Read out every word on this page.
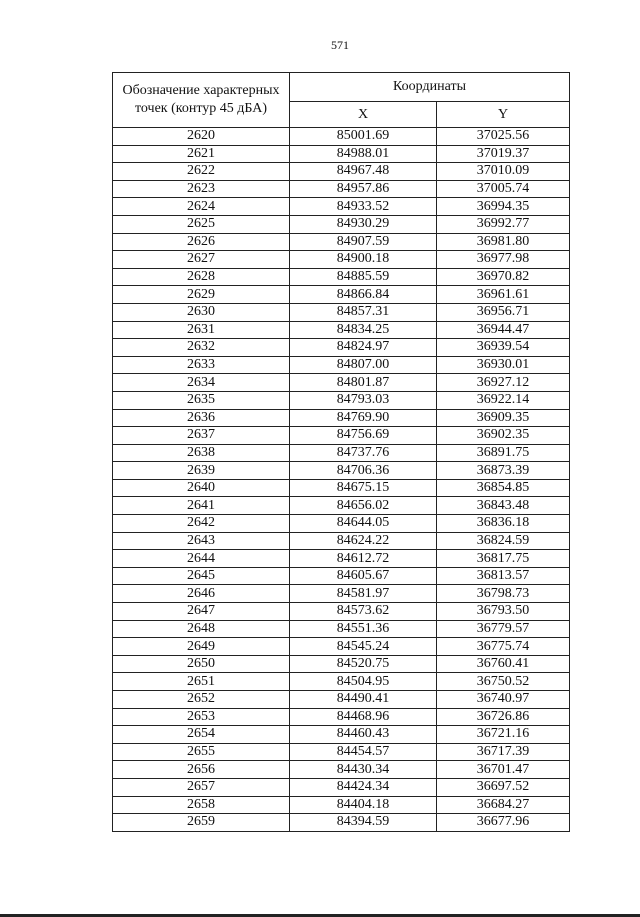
571
Обозначение характерных точек (контур 45 дБА)	Координаты	
	X	Y
2620	85001.69	37025.56
2621	84988.01	37019.37
2622	84967.48	37010.09
2623	84957.86	37005.74
2624	84933.52	36994.35
2625	84930.29	36992.77
2626	84907.59	36981.80
2627	84900.18	36977.98
2628	84885.59	36970.82
2629	84866.84	36961.61
2630	84857.31	36956.71
2631	84834.25	36944.47
2632	84824.97	36939.54
2633	84807.00	36930.01
2634	84801.87	36927.12
2635	84793.03	36922.14
2636	84769.90	36909.35
2637	84756.69	36902.35
2638	84737.76	36891.75
2639	84706.36	36873.39
2640	84675.15	36854.85
2641	84656.02	36843.48
2642	84644.05	36836.18
2643	84624.22	36824.59
2644	84612.72	36817.75
2645	84605.67	36813.57
2646	84581.97	36798.73
2647	84573.62	36793.50
2648	84551.36	36779.57
2649	84545.24	36775.74
2650	84520.75	36760.41
2651	84504.95	36750.52
2652	84490.41	36740.97
2653	84468.96	36726.86
2654	84460.43	36721.16
2655	84454.57	36717.39
2656	84430.34	36701.47
2657	84424.34	36697.52
2658	84404.18	36684.27
2659	84394.59	36677.96
